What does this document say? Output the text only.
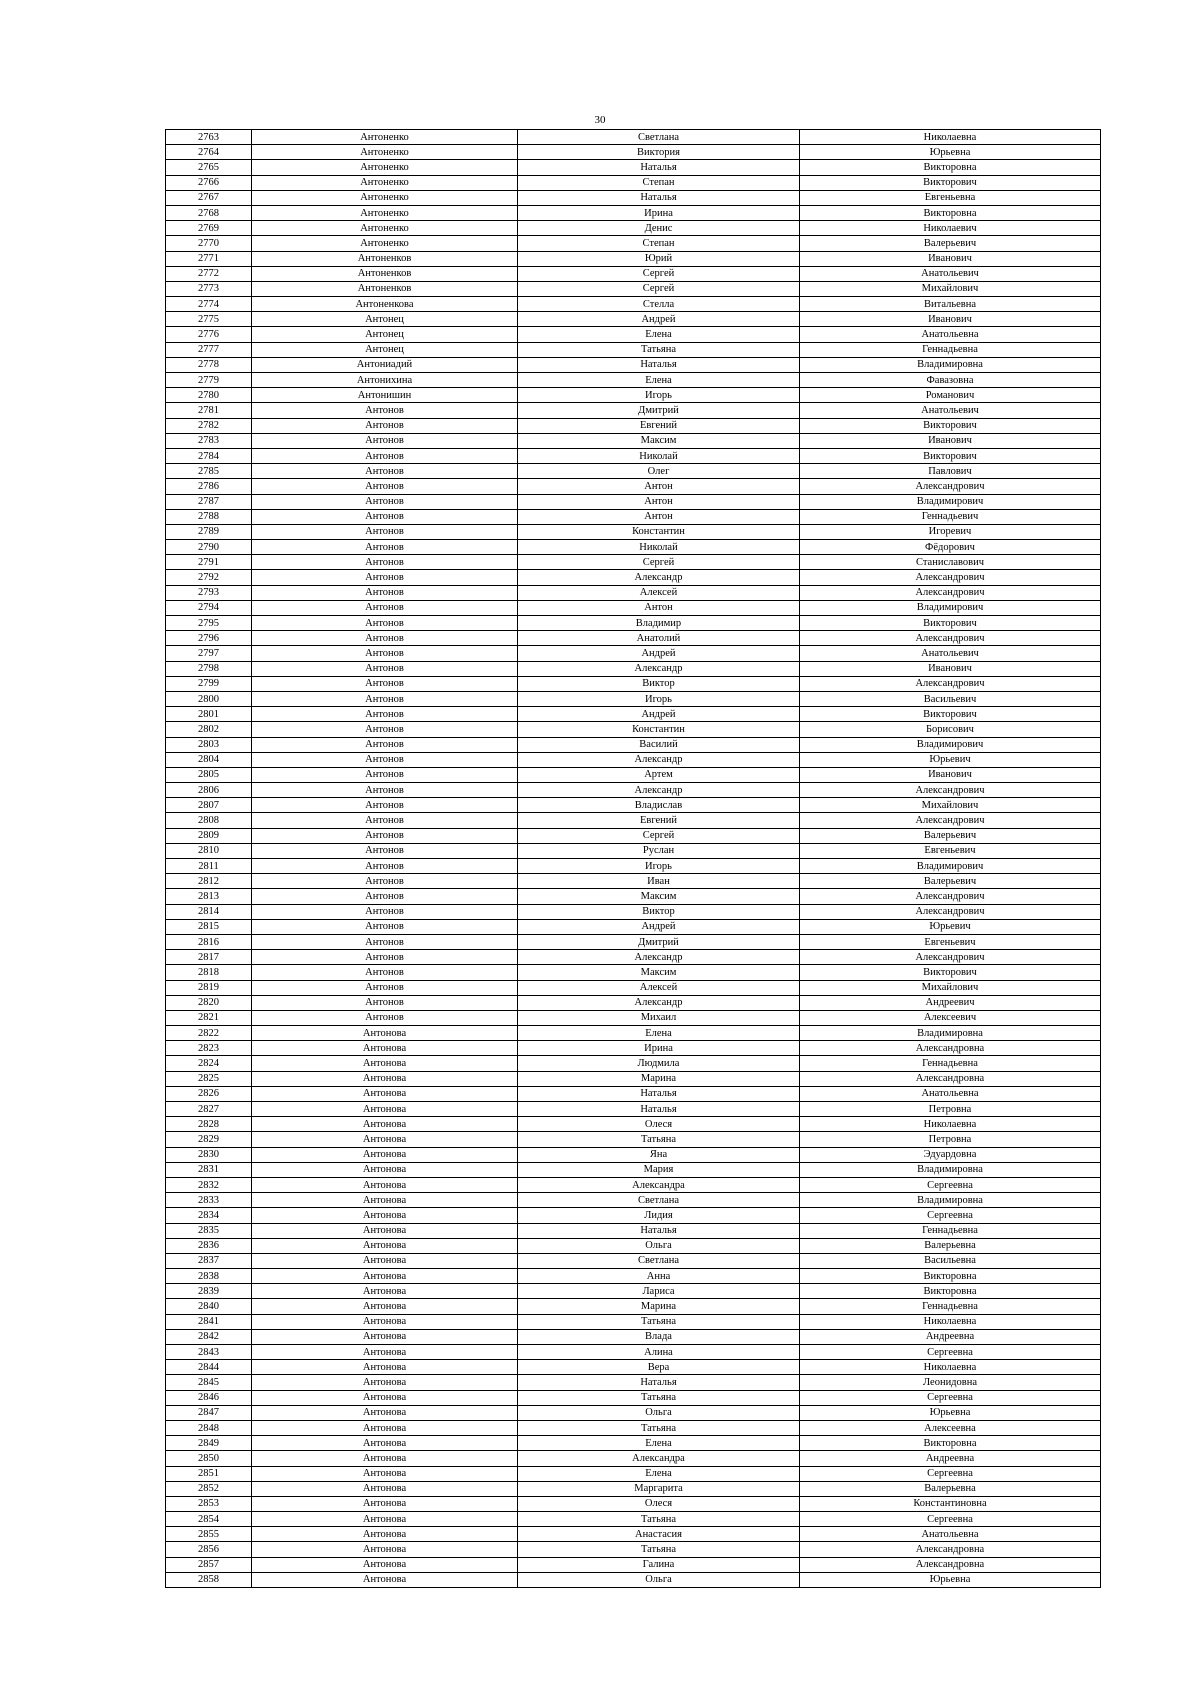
30
2763	Антоненко	Светлана	Николаевна
2764	Антоненко	Виктория	Юрьевна
2765	Антоненко	Наталья	Викторовна
2766	Антоненко	Степан	Викторович
2767	Антоненко	Наталья	Евгеньевна
2768	Антоненко	Ирина	Викторовна
2769	Антоненко	Денис	Николаевич
2770	Антоненко	Степан	Валерьевич
2771	Антоненков	Юрий	Иванович
2772	Антоненков	Сергей	Анатольевич
2773	Антоненков	Сергей	Михайлович
2774	Антоненкова	Стелла	Витальевна
2775	Антонец	Андрей	Иванович
2776	Антонец	Елена	Анатольевна
2777	Антонец	Татьяна	Геннадьевна
2778	Антониадий	Наталья	Владимировна
2779	Антонихина	Елена	Фавазовна
2780	Антонишин	Игорь	Романович
2781	Антонов	Дмитрий	Анатольевич
2782	Антонов	Евгений	Викторович
2783	Антонов	Максим	Иванович
2784	Антонов	Николай	Викторович
2785	Антонов	Олег	Павлович
2786	Антонов	Антон	Александрович
2787	Антонов	Антон	Владимирович
2788	Антонов	Антон	Геннадьевич
2789	Антонов	Константин	Игоревич
2790	Антонов	Николай	Фёдорович
2791	Антонов	Сергей	Станиславович
2792	Антонов	Александр	Александрович
2793	Антонов	Алексей	Александрович
2794	Антонов	Антон	Владимирович
2795	Антонов	Владимир	Викторович
2796	Антонов	Анатолий	Александрович
2797	Антонов	Андрей	Анатольевич
2798	Антонов	Александр	Иванович
2799	Антонов	Виктор	Александрович
2800	Антонов	Игорь	Васильевич
2801	Антонов	Андрей	Викторович
2802	Антонов	Константин	Борисович
2803	Антонов	Василий	Владимирович
2804	Антонов	Александр	Юрьевич
2805	Антонов	Артем	Иванович
2806	Антонов	Александр	Александрович
2807	Антонов	Владислав	Михайлович
2808	Антонов	Евгений	Александрович
2809	Антонов	Сергей	Валерьевич
2810	Антонов	Руслан	Евгеньевич
2811	Антонов	Игорь	Владимирович
2812	Антонов	Иван	Валерьевич
2813	Антонов	Максим	Александрович
2814	Антонов	Виктор	Александрович
2815	Антонов	Андрей	Юрьевич
2816	Антонов	Дмитрий	Евгеньевич
2817	Антонов	Александр	Александрович
2818	Антонов	Максим	Викторович
2819	Антонов	Алексей	Михайлович
2820	Антонов	Александр	Андреевич
2821	Антонов	Михаил	Алексеевич
2822	Антонова	Елена	Владимировна
2823	Антонова	Ирина	Александровна
2824	Антонова	Людмила	Геннадьевна
2825	Антонова	Марина	Александровна
2826	Антонова	Наталья	Анатольевна
2827	Антонова	Наталья	Петровна
2828	Антонова	Олеся	Николаевна
2829	Антонова	Татьяна	Петровна
2830	Антонова	Яна	Эдуардовна
2831	Антонова	Мария	Владимировна
2832	Антонова	Александра	Сергеевна
2833	Антонова	Светлана	Владимировна
2834	Антонова	Лидия	Сергеевна
2835	Антонова	Наталья	Геннадьевна
2836	Антонова	Ольга	Валерьевна
2837	Антонова	Светлана	Васильевна
2838	Антонова	Анна	Викторовна
2839	Антонова	Лариса	Викторовна
2840	Антонова	Марина	Геннадьевна
2841	Антонова	Татьяна	Николаевна
2842	Антонова	Влада	Андреевна
2843	Антонова	Алина	Сергеевна
2844	Антонова	Вера	Николаевна
2845	Антонова	Наталья	Леонидовна
2846	Антонова	Татьяна	Сергеевна
2847	Антонова	Ольга	Юрьевна
2848	Антонова	Татьяна	Алексеевна
2849	Антонова	Елена	Викторовна
2850	Антонова	Александра	Андреевна
2851	Антонова	Елена	Сергеевна
2852	Антонова	Маргарита	Валерьевна
2853	Антонова	Олеся	Константиновна
2854	Антонова	Татьяна	Сергеевна
2855	Антонова	Анастасия	Анатольевна
2856	Антонова	Татьяна	Александровна
2857	Антонова	Галина	Александровна
2858	Антонова	Ольга	Юрьевна
